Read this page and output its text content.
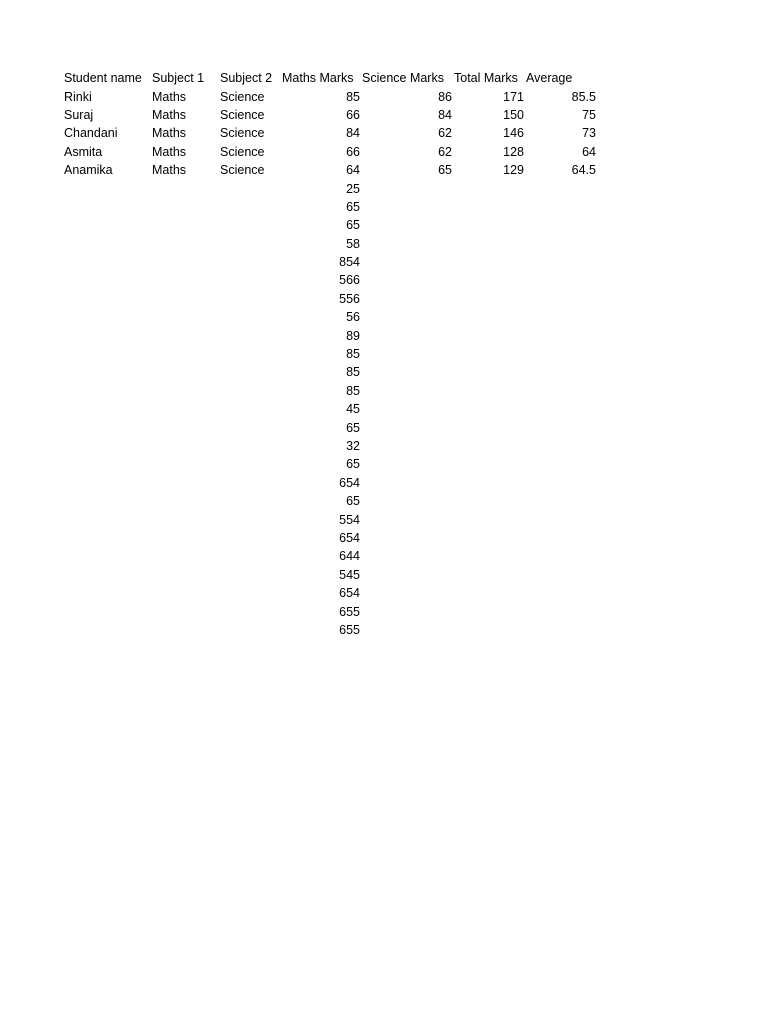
Student name	Subject 1	Subject 2	Maths Marks	Science Marks	Total Marks	Average
Rinki	Maths	Science	85	86	171	85.5
Suraj	Maths	Science	66	84	150	75
Chandani	Maths	Science	84	62	146	73
Asmita	Maths	Science	66	62	128	64
Anamika	Maths	Science	64	65	129	64.5
			25			
			65			
			65			
			58			
			854			
			566			
			556			
			56			
			89			
			85			
			85			
			85			
			45			
			65			
			32			
			65			
			654			
			65			
			554			
			654			
			644			
			545			
			654			
			655			
			655			
